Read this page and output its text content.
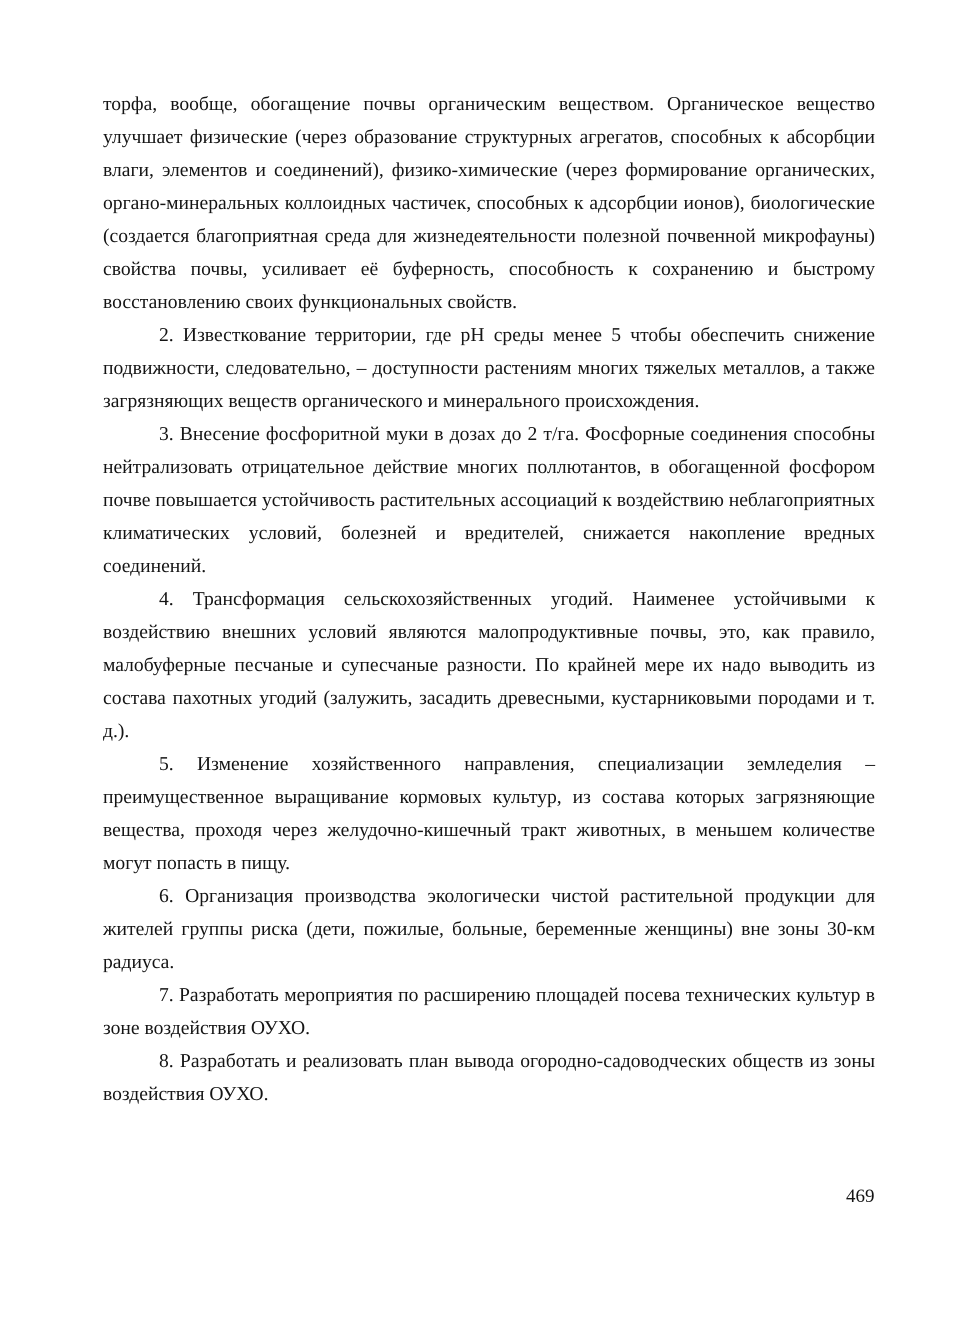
торфа, вообще, обогащение почвы органическим веществом. Органическое вещество улучшает физические (через образование структурных агрегатов, способных к абсорбции влаги, элементов и соединений), физико-химические (через формирование органических, органо-минеральных коллоидных частичек, способных к адсорбции ионов), биологические (создается благоприятная среда для жизнедеятельности полезной почвенной микрофауны) свойства почвы, усиливает её буферность, способность к сохранению и быстрому восстановлению своих функциональных свойств.

2. Известкование территории, где pH среды менее 5 чтобы обеспечить снижение подвижности, следовательно, – доступности растениям многих тяжелых металлов, а также загрязняющих веществ органического и минерального происхождения.

3. Внесение фосфоритной муки в дозах до 2 т/га. Фосфорные соединения способны нейтрализовать отрицательное действие многих поллютантов, в обогащенной фосфором почве повышается устойчивость растительных ассоциаций к воздействию неблагоприятных климатических условий, болезней и вредителей, снижается накопление вредных соединений.

4. Трансформация сельскохозяйственных угодий. Наименее устойчивыми к воздействию внешних условий являются малопродуктивные почвы, это, как правило, малобуферные песчаные и супесчаные разности. По крайней мере их надо выводить из состава пахотных угодий (залужить, засадить древесными, кустарниковыми породами и т. д.).

5. Изменение хозяйственного направления, специализации земледелия – преимущественное выращивание кормовых культур, из состава которых загрязняющие вещества, проходя через желудочно-кишечный тракт животных, в меньшем количестве могут попасть в пищу.

6. Организация производства экологически чистой растительной продукции для жителей группы риска (дети, пожилые, больные, беременные женщины) вне зоны 30-км радиуса.

7. Разработать мероприятия по расширению площадей посева технических культур в зоне воздействия ОУХО.

8. Разработать и реализовать план вывода огородно-садоводческих обществ из зоны воздействия ОУХО.

469
